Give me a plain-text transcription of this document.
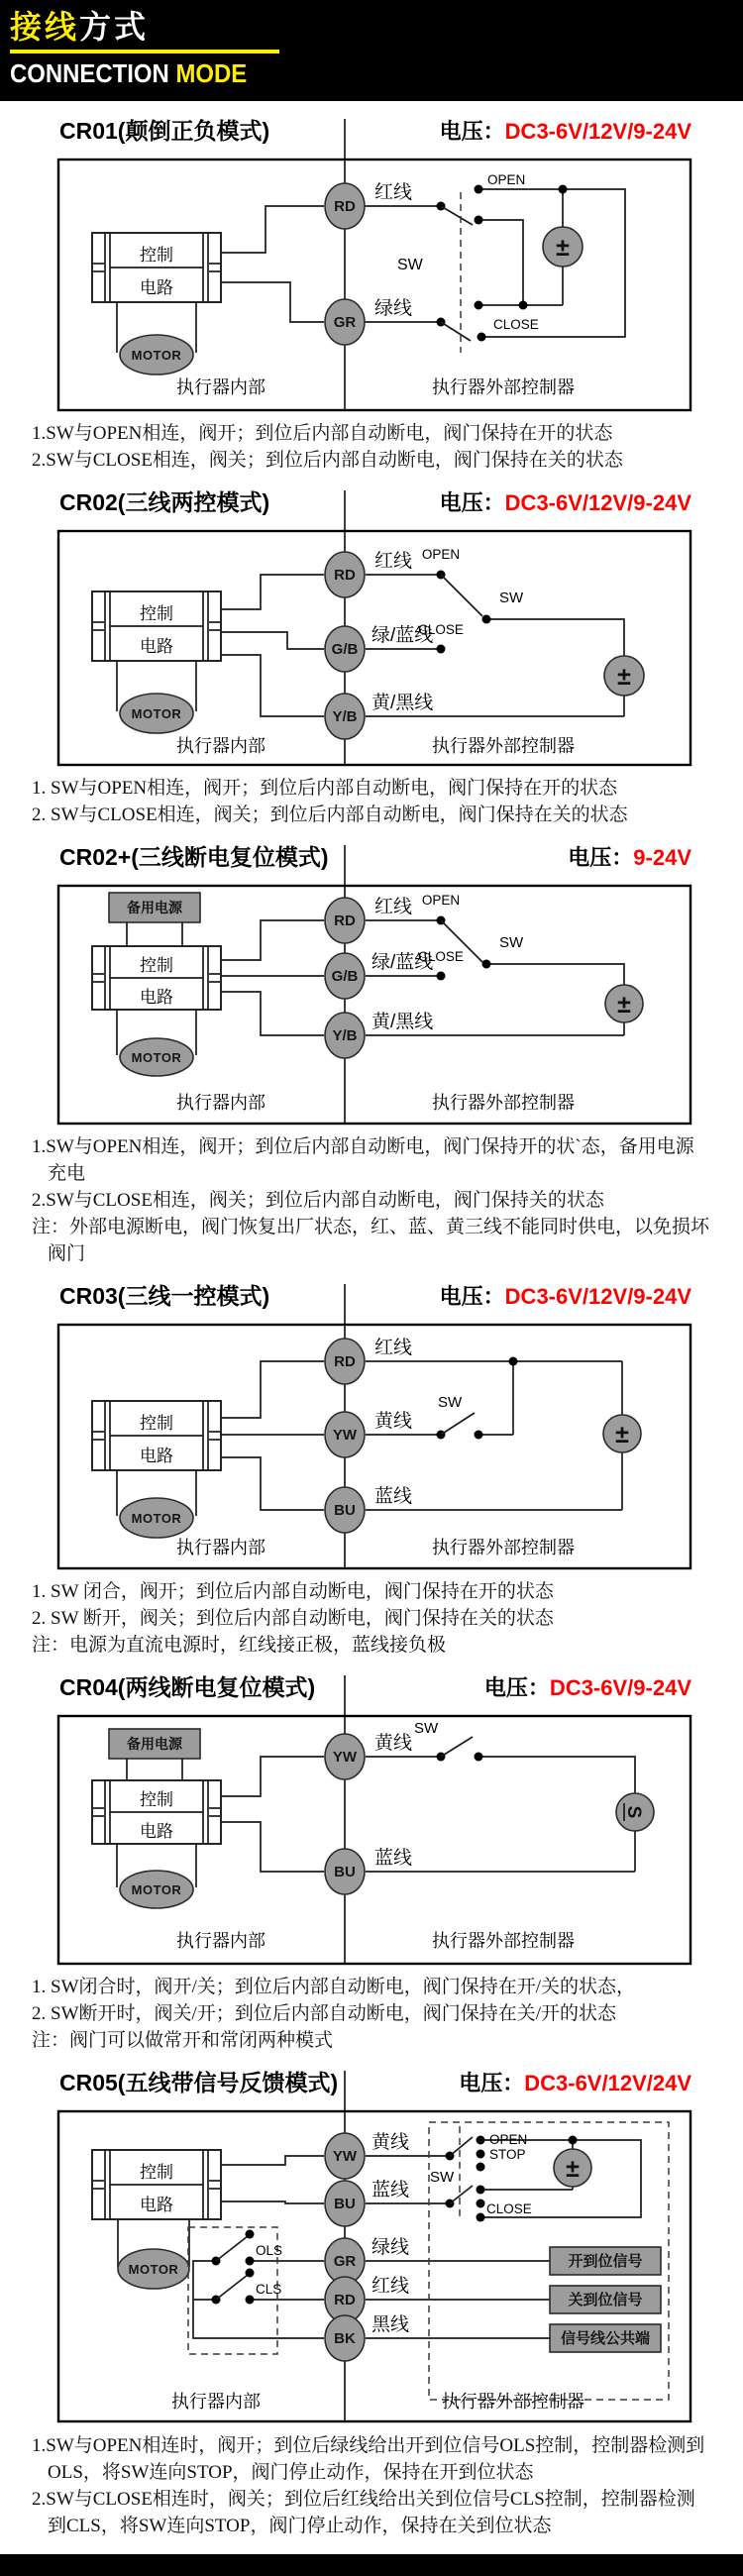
接线方式
CONNECTION MODE
CR01(颠倒正负模式)	电压：DC3-6V/12V/9-24V
控制
电路
MOTOR
RD
红线
GR
绿线
OPEN
CLOSE
SW
±
执行器内部	执行器外部控制器
1.SW与OPEN相连，阀开；到位后内部自动断电，阀门保持在开的状态
2.SW与CLOSE相连，阀关；到位后内部自动断电，阀门保持在关的状态
CR02(三线两控模式)	电压：DC3-6V/12V/9-24V
控制
电路
MOTOR
RD
红线
G/B
绿/蓝线
Y/B
黄/黑线
OPEN
CLOSE
SW
±
执行器内部	执行器外部控制器
1. SW与OPEN相连，阀开；到位后内部自动断电，阀门保持在开的状态
2. SW与CLOSE相连，阀关；到位后内部自动断电，阀门保持在关的状态
CR02+(三线断电复位模式)	电压：9-24V
备用电源
控制
电路
MOTOR
RD
红线
G/B
绿/蓝线
Y/B
黄/黑线
OPEN
CLOSE
SW
±
执行器内部	执行器外部控制器
1.SW与OPEN相连，阀开；到位后内部自动断电，阀门保持开的状`态，备用电源充电
2.SW与CLOSE相连，阀关；到位后内部自动断电，阀门保持关的状态
注：外部电源断电，阀门恢复出厂状态，红、蓝、黄三线不能同时供电，以免损坏阀门
CR03(三线一控模式)	电压：DC3-6V/12V/9-24V
控制
电路
MOTOR
RD
红线
YW
黄线
BU
蓝线
SW
±
执行器内部	执行器外部控制器
1. SW 闭合，阀开；到位后内部自动断电，阀门保持在开的状态
2. SW 断开，阀关；到位后内部自动断电，阀门保持在关的状态
注：电源为直流电源时，红线接正极，蓝线接负极
CR04(两线断电复位模式)	电压：DC3-6V/9-24V
备用电源
控制
电路
MOTOR
YW
黄线
BU
蓝线
SW
S
执行器内部	执行器外部控制器
1. SW闭合时，阀开/关；到位后内部自动断电，阀门保持在开/关的状态，
2. SW断开时，阀关/开；到位后内部自动断电，阀门保持在关/开的状态
注：阀门可以做常开和常闭两种模式
CR05(五线带信号反馈模式)	电压：DC3-6V/12V/24V
控制
电路
MOTOR
OLS
CLS
YW
黄线
BU
蓝线
GR
绿线
RD
红线
BK
黑线
OPEN
STOP
CLOSE
SW	±
开到位信号
关到位信号
信号线公共端
执行器内部	执行器外部控制器
1.SW与OPEN相连时，阀开；到位后绿线给出开到位信号OLS控制，控制器检测到OLS，将SW连向STOP，阀门停止动作，保持在开到位状态
2.SW与CLOSE相连时，阀关；到位后红线给出关到位信号CLS控制，控制器检测到CLS，将SW连向STOP，阀门停止动作，保持在关到位状态
